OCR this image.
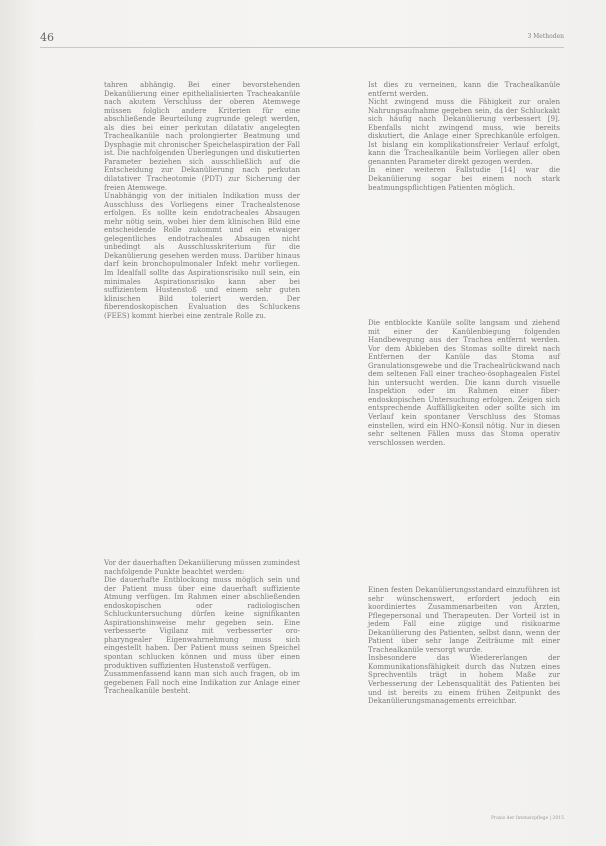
46	3 Methoden

tahren abhängig. Bei einer bevorstehenden Dekanülierung einer epithelialisierten Tracheakanüle nach akutem Verschluss der oberen Atemwege müssen folglich andere Kriterien für eine abschließende Beurteilung zugrunde gelegt werden, als dies bei einer perkutan dilatativ angelegten Trachealkanüle nach prolongierter Beatmung und Dysphagie mit chronischer Speichelaspiration der Fall ist. Die nachfolgenden Überlegungen und diskutierten Parameter beziehen sich ausschließlich auf die Entscheidung zur Dekanülierung nach perkutan dilatativer Tracheotomie (PDT) zur Sicherung der freien Atemwege.

Unabhängig von der initialen Indikation muss der Ausschluss des Vorliegens einer Trachealstenose erfolgen. Es sollte kein endotracheales Absaugen mehr nötig sein, wobei hier dem klinischen Bild eine entscheidende Rolle zukommt und ein etwaiger gelegentliches endotracheales Absaugen nicht unbedingt als Ausschlusskriterium für die Dekanülierung gesehen werden muss. Darüber hinaus darf kein bronchopulmonaler Infekt mehr vorliegen. Im Idealfall sollte das Aspirationsrisiko null sein, ein minimales Aspirationsrisiko kann aber bei suffizientem Hustenstoß und einem sehr guten klinischen Bild toleriert werden. Der fiberendoskopischen Evaluation des Schluckens (FEES) kommt hierbei eine zentrale Rolle zu.

Vor der dauerhaften Dekanülierung müssen zumindest nachfolgende Punkte beachtet werden:

Die dauerhafte Entblockung muss möglich sein und der Patient muss über eine dauerhaft suffiziente Atmung verfügen. Im Rahmen einer abschließenden endoskopischen oder radiologischen Schluckuntersuchung dürfen keine signifikanten Aspirationshinweise mehr gegeben sein. Eine verbesserte Vigilanz mit verbesserter oro-pharyngealer Eigenwahrnehmung muss sich eingestellt haben. Der Patient muss seinen Speichel spontan schlucken können und muss über einen produktiven suffizienten Hustenstoß verfügen.

Zusammenfassend kann man sich auch fragen, ob im gegebenen Fall noch eine Indikation zur Anlage einer Trachealkanüle besteht.

Ist dies zu verneinen, kann die Trachealkanüle entfernt werden.

Nicht zwingend muss die Fähigkeit zur oralen Nahrungsaufnahme gegeben sein, da der Schluckakt sich häufig nach Dekanülierung verbessert [9]. Ebenfalls nicht zwingend muss, wie bereits diskutiert, die Anlage einer Sprechkanüle erfolgen. Ist bislang ein komplikationsfreier Verlauf erfolgt, kann die Trachealkanüle beim Vorliegen aller oben genannten Parameter direkt gezogen werden.

In einer weiteren Fallstudie [14] war die Dekanülierung sogar bei einem noch stark beatmungspflichtigen Patienten möglich.

Die entblockte Kanüle sollte langsam und ziehend mit einer der Kanülenbiegung folgenden Handbewegung aus der Trachea entfernt werden. Vor dem Abkleben des Stomas sollte direkt nach Entfernen der Kanüle das Stoma auf Granulationsgewebe und die Trachealrückwand nach dem seltenen Fall einer tracheo-ösophagealen Fistel hin untersucht werden. Die kann durch visuelle Inspektion oder im Rahmen einer fiber-endoskopischen Untersuchung erfolgen. Zeigen sich entsprechende Auffälligkeiten oder sollte sich im Verlauf kein spontaner Verschluss des Stomas einstellen, wird ein HNO-Konsil nötig. Nur in diesen sehr seltenen Fällen muss das Stoma operativ verschlossen werden.

Einen festen Dekanülierungsstandard einzuführen ist sehr wünschenswert, erfordert jedoch ein koordiniertes Zusammenarbeiten von Ärzten, Pflegepersonal und Therapeuten. Der Vorteil ist in jedem Fall eine zügige und risikoarme Dekanülierung des Patienten, selbst dann, wenn der Patient über sehr lange Zeiträume mit einer Trachealkanüle versorgt wurde.

Insbesondere das Wiedererlangen der Kommunikationsfähigkeit durch das Nutzen eines Sprechventils trägt in hohem Maße zur Verbesserung der Lebensqualität des Patienten bei und ist bereits zu einem frühen Zeitpunkt des Dekanülierungsmanagements erreichbar.

Praxis der Intensivpflege | 2015
